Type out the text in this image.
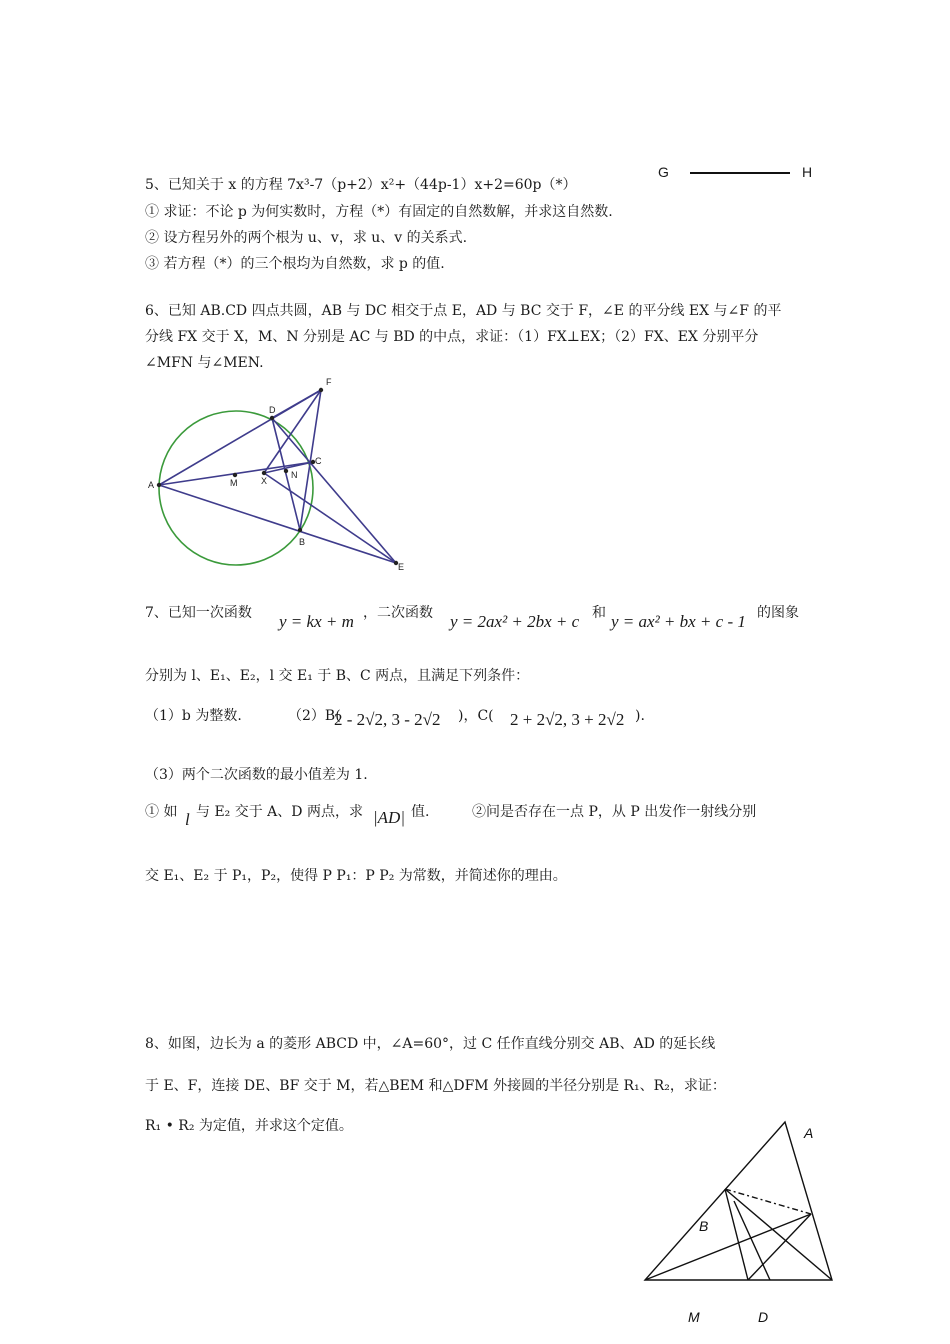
G	H
5、已知关于 x 的方程 7x³-7（p+2）x²+（44p-1）x+2=60p（*）
① 求证：不论 p 为何实数时，方程（*）有固定的自然数解，并求这自然数.
② 设方程另外的两个根为 u、v，求 u、v 的关系式.
③ 若方程（*）的三个根均为自然数，求 p 的值.
6、已知 AB.CD 四点共圆，AB 与 DC 相交于点 E，AD 与 BC 交于 F，∠E 的平分线 EX 与∠F 的平
分线 FX 交于 X，M、N 分别是 AC 与 BD 的中点，求证：（1）FX⊥EX；（2）FX、EX 分别平分
∠MFN 与∠MEN.
A
D
F
C
B
E
M	X
N
7、已知一次函数 y = kx + m ，二次函数 y = 2ax² + 2bx + c 和 y = ax² + bx + c - 1 的图象
分别为 l、E₁、E₂，l 交 E₁ 于 B、C 两点，且满足下列条件：
（1）b 为整数.	（2）B(
2 - 2√2, 3 - 2√2 )，C( 2 + 2√2, 3 + 2√2 ).
（3）两个二次函数的最小值差为 1.
① 如 l 与 E₂ 交于 A、D 两点，求 |AD| 值.	②问是否存在一点 P，从 P 出发作一射线分别
交 E₁、E₂ 于 P₁，P₂，使得 P P₁：P P₂ 为常数，并简述你的理由。
8、如图，边长为 a 的菱形 ABCD 中，∠A=60°，过 C 任作直线分别交 AB、AD 的延长线
于 E、F，连接 DE、BF 交于 M，若△BEM 和△DFM 外接圆的半径分别是 R₁、R₂，求证：
R₁ • R₂ 为定值，并求这个定值。	A
B
M	D
